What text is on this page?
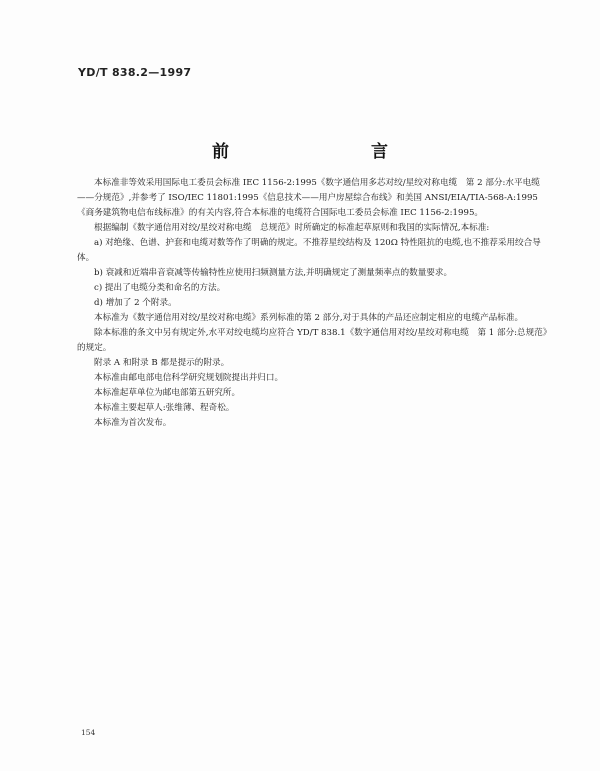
YD/T 838.2—1997
前　　言

本标准非等效采用国际电工委员会标准 IEC 1156-2:1995《数字通信用多芯对绞/星绞对称电缆　第 2 部分:水平电缆——分规范》,并参考了 ISO/IEC 11801:1995《信息技术——用户房屋综合布线》和美国 ANSI/EIA/TIA-568-A:1995《商务建筑物电信布线标准》的有关内容,符合本标准的电缆符合国际电工委员会标准 IEC 1156-2:1995。

根据编制《数字通信用对绞/星绞对称电缆　总规范》时所确定的标准起草原则和我国的实际情况,本标准:

a) 对绝缘、色谱、护套和电缆对数等作了明确的规定。不推荐星绞结构及 120Ω 特性阻抗的电缆,也不推荐采用绞合导体。

b) 衰减和近端串音衰减等传输特性应使用扫频测量方法,并明确规定了测量频率点的数量要求。

c) 提出了电缆分类和命名的方法。

d) 增加了 2 个附录。

本标准为《数字通信用对绞/星绞对称电缆》系列标准的第 2 部分,对于具体的产品还应制定相应的电缆产品标准。

除本标准的条文中另有规定外,水平对绞电缆均应符合 YD/T 838.1《数字通信用对绞/星绞对称电缆　第 1 部分:总规范》的规定。

附录 A 和附录 B 都是提示的附录。

本标准由邮电部电信科学研究规划院提出并归口。

本标准起草单位为邮电部第五研究所。

本标准主要起草人:张维薄、程奇松。

本标准为首次发布。

154
